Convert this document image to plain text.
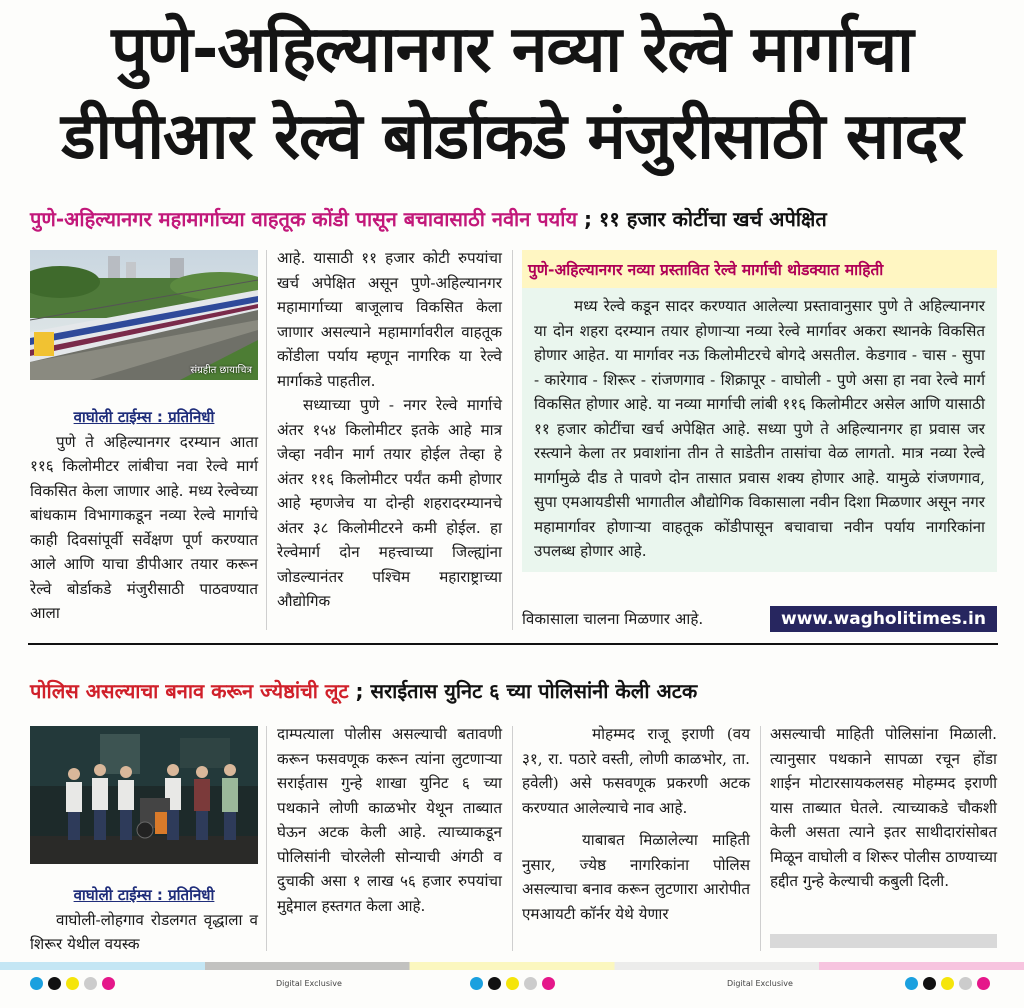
पुणे-अहिल्यानगर नव्या रेल्वे मार्गाचा
डीपीआर रेल्वे बोर्डाकडे मंजुरीसाठी सादर
पुणे-अहिल्यानगर महामार्गाच्या वाहतूक कोंडी पासून बचावासाठी नवीन पर्याय ; ११ हजार कोटींचा खर्च अपेक्षित
संग्रहीत छायाचित्र

वाघोली टाईम्स : प्रतिनिधी

पुणे ते अहिल्यानगर दरम्यान आता ११६ किलोमीटर लांबीचा नवा रेल्वे मार्ग विकसित केला जाणार आहे. मध्य रेल्वेच्या बांधकाम विभागाकडून नव्या रेल्वे मार्गाचे काही दिवसांपूर्वी सर्वेक्षण पूर्ण करण्यात आले आणि याचा डीपीआर तयार करून रेल्वे बोर्डाकडे मंजुरीसाठी पाठवण्यात आला

आहे. यासाठी ११ हजार कोटी रुपयांचा खर्च अपेक्षित असून पुणे-अहिल्यानगर महामार्गाच्या बाजूलाच विकसित केला जाणार असल्याने महामार्गावरील वाहतूक कोंडीला पर्याय म्हणून नागरिक या रेल्वे मार्गाकडे पाहतील.

सध्याच्या पुणे - नगर रेल्वे मार्गाचे अंतर १५४ किलोमीटर इतके आहे मात्र जेव्हा नवीन मार्ग तयार होईल तेव्हा हे अंतर ११६ किलोमीटर पर्यंत कमी होणार आहे म्हणजेच या दोन्ही शहरादरम्यानचे अंतर ३८ किलोमीटरने कमी होईल. हा रेल्वेमार्ग दोन महत्त्वाच्या जिल्ह्यांना जोडल्यानंतर पश्चिम महाराष्ट्राच्या औद्योगिक

पुणे-अहिल्यानगर नव्या प्रस्तावित रेल्वे मार्गाची थोडक्यात माहिती

मध्य रेल्वे कडून सादर करण्यात आलेल्या प्रस्तावानुसार पुणे ते अहिल्यानगर या दोन शहरा दरम्यान तयार होणाऱ्या नव्या रेल्वे मार्गावर अकरा स्थानके विकसित होणार आहेत. या मार्गावर नऊ किलोमीटरचे बोगदे असतील. केडगाव - चास - सुपा - कारेगाव - शिरूर - रांजणगाव - शिक्रापूर - वाघोली - पुणे असा हा नवा रेल्वे मार्ग विकसित होणार आहे. या नव्या मार्गाची लांबी ११६ किलोमीटर असेल आणि यासाठी ११ हजार कोटींचा खर्च अपेक्षित आहे. सध्या पुणे ते अहिल्यानगर हा प्रवास जर रस्त्याने केला तर प्रवाशांना तीन ते साडेतीन तासांचा वेळ लागतो. मात्र नव्या रेल्वे मार्गामुळे दीड ते पावणे दोन तासात प्रवास शक्य होणार आहे. यामुळे रांजणगाव, सुपा एमआयडीसी भागातील औद्योगिक विकासाला नवीन दिशा मिळणार असून नगर महामार्गावर होणाऱ्या वाहतूक कोंडीपासून बचावाचा नवीन पर्याय नागरिकांना उपलब्ध होणार आहे.

विकासाला चालना मिळणार आहे.	www.wagholitimes.in
पोलिस असल्याचा बनाव करून ज्येष्ठांची लूट ; सराईतास युनिट ६ च्या पोलिसांनी केली अटक

वाघोली टाईम्स : प्रतिनिधी

वाघोली-लोहगाव रोडलगत वृद्धाला व शिरूर येथील वयस्क

दाम्पत्याला पोलीस असल्याची बतावणी करून फसवणूक करून त्यांना लुटणाऱ्या सराईतास गुन्हे शाखा युनिट ६ च्या पथकाने लोणी काळभोर येथून ताब्यात घेऊन अटक केली आहे. त्याच्याकडून पोलिसांनी चोरलेली सोन्याची अंगठी व दुचाकी असा १ लाख ५६ हजार रुपयांचा मुद्देमाल हस्तगत केला आहे.

मोहम्मद राजू इराणी (वय ३१, रा. पठारे वस्ती, लोणी काळभोर, ता. हवेली) असे फसवणूक प्रकरणी अटक करण्यात आलेल्याचे नाव आहे.

याबाबत मिळालेल्या माहिती नुसार, ज्येष्ठ नागरिकांना पोलिस असल्याचा बनाव करून लुटणारा आरोपीत एमआयटी कॉर्नर येथे येणार

असल्याची माहिती पोलिसांना मिळाली. त्यानुसार पथकाने सापळा रचून होंडा शाईन मोटारसायकलसह मोहम्मद इराणी यास ताब्यात घेतले. त्याच्याकडे चौकशी केली असता त्याने इतर साथीदारांसोबत मिळून वाघोली व शिरूर पोलीस ठाण्याच्या हद्दीत गुन्हे केल्याची कबुली दिली.

Digital Exclusive	Digital Exclusive
